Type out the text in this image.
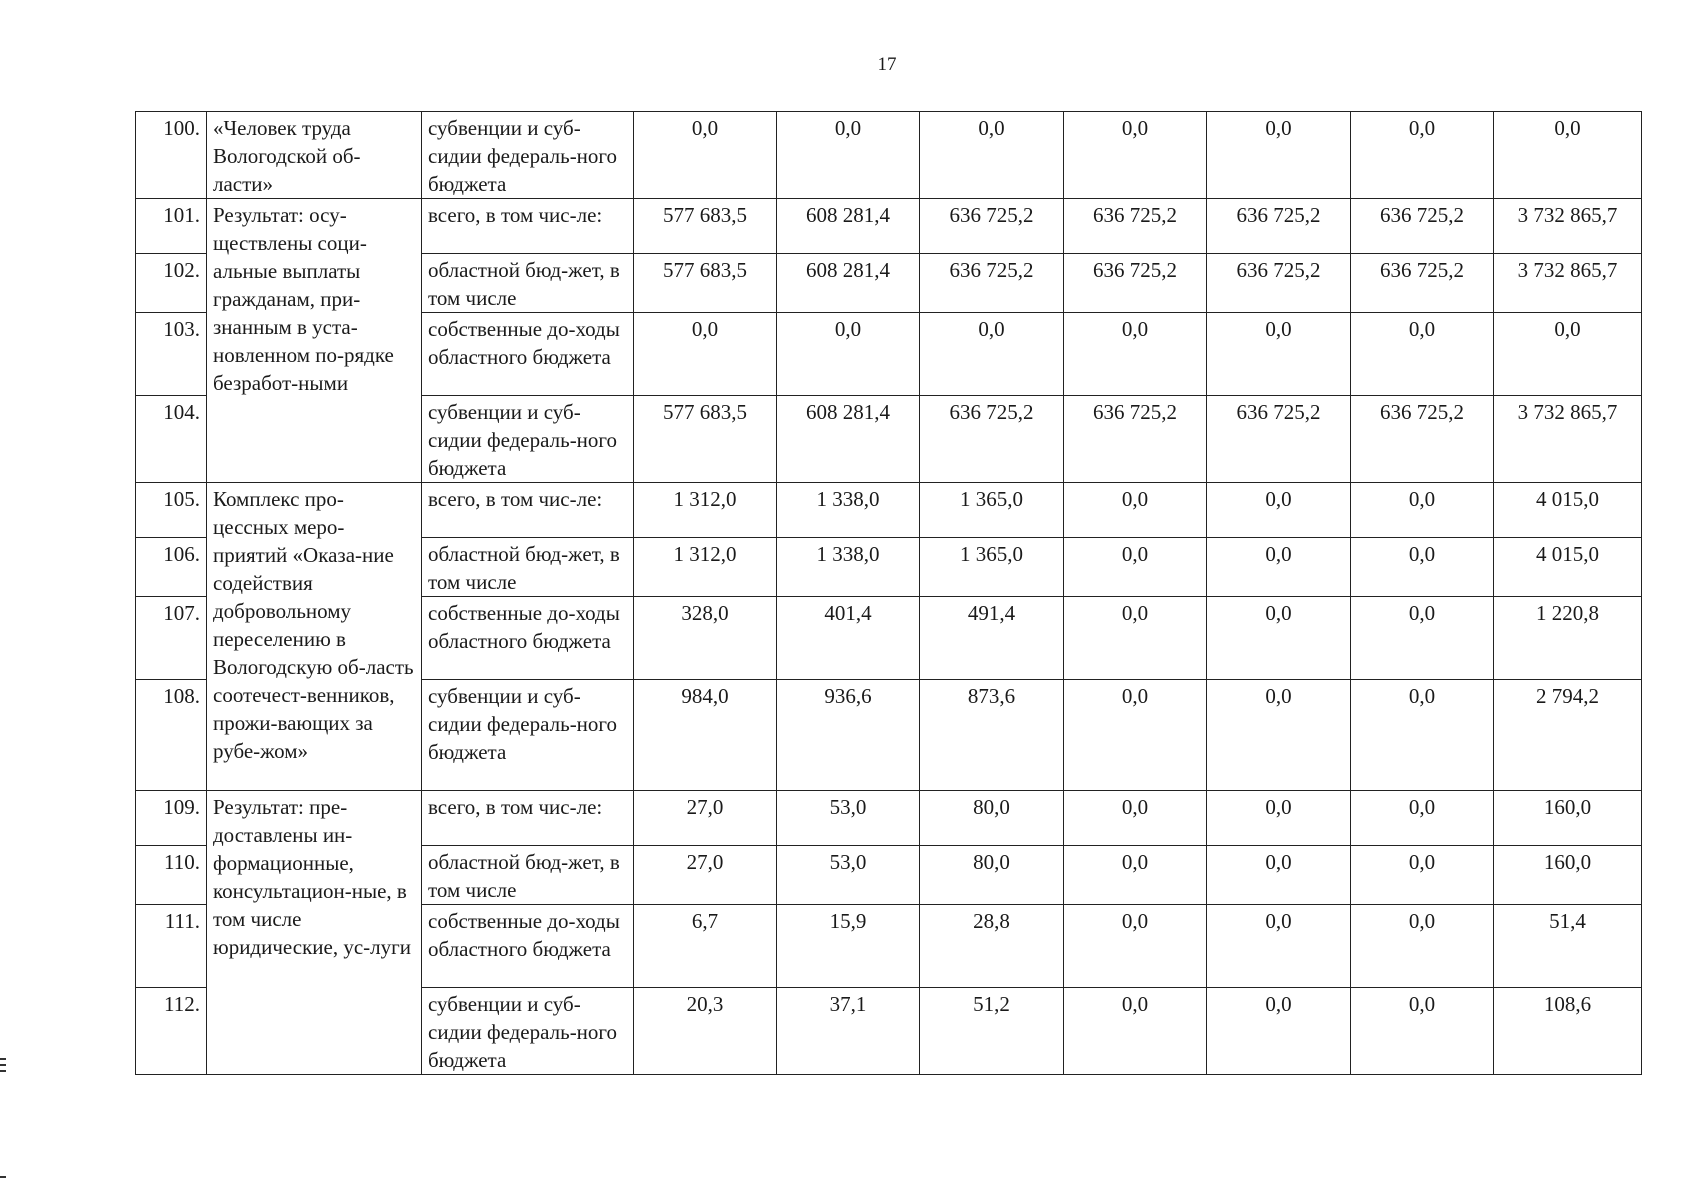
17
100.	«Человек труда Вологодской об-ласти»	субвенции и суб-сидии федераль-ного бюджета	0,0	0,0	0,0	0,0	0,0	0,0	0,0
101.	Результат: осу-ществлены соци-альные выплаты гражданам, при-знанным в уста-новленном по-рядке безработ-ными	всего, в том чис-ле:	577 683,5	608 281,4	636 725,2	636 725,2	636 725,2	636 725,2	3 732 865,7
102.		областной бюд-жет, в том числе	577 683,5	608 281,4	636 725,2	636 725,2	636 725,2	636 725,2	3 732 865,7
103.		собственные до-ходы областного бюджета	0,0	0,0	0,0	0,0	0,0	0,0	0,0
104.		субвенции и суб-сидии федераль-ного бюджета	577 683,5	608 281,4	636 725,2	636 725,2	636 725,2	636 725,2	3 732 865,7
105.	Комплекс про-цессных меро-приятий «Оказа-ние содействия добровольному переселению в Вологодскую об-ласть соотечест-венников, прожи-вающих за рубе-жом»	всего, в том чис-ле:	1 312,0	1 338,0	1 365,0	0,0	0,0	0,0	4 015,0
106.		областной бюд-жет, в том числе	1 312,0	1 338,0	1 365,0	0,0	0,0	0,0	4 015,0
107.		собственные до-ходы областного бюджета	328,0	401,4	491,4	0,0	0,0	0,0	1 220,8
108.		субвенции и суб-сидии федераль-ного бюджета	984,0	936,6	873,6	0,0	0,0	0,0	2 794,2
109.	Результат: пре-доставлены ин-формационные, консультацион-ные, в том числе юридические, ус-луги	всего, в том чис-ле:	27,0	53,0	80,0	0,0	0,0	0,0	160,0
110.		областной бюд-жет, в том числе	27,0	53,0	80,0	0,0	0,0	0,0	160,0
111.		собственные до-ходы областного бюджета	6,7	15,9	28,8	0,0	0,0	0,0	51,4
112.		субвенции и суб-сидии федераль-ного бюджета	20,3	37,1	51,2	0,0	0,0	0,0	108,6
